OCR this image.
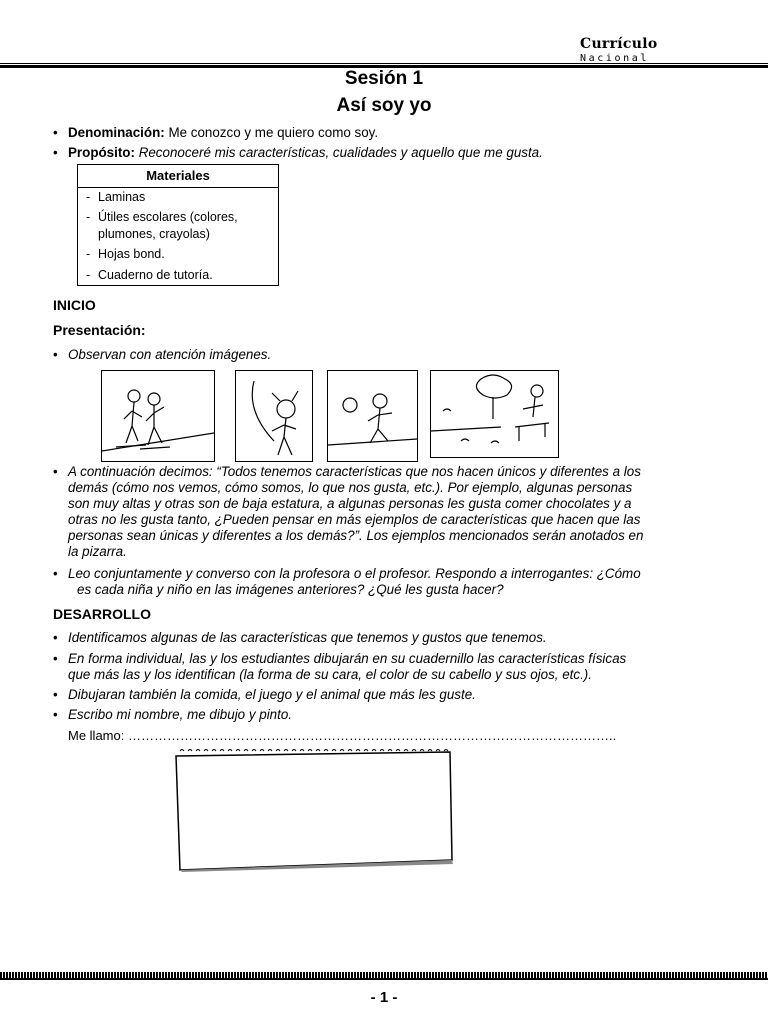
Currículo
Nacional
Sesión 1
Así soy yo
• Denominación: Me conozco y me quiero como soy.
• Propósito: Reconoceré mis características, cualidades y aquello que me gusta.
Materiales
- Laminas
- Útiles escolares (colores,
plumones, crayolas)
- Hojas bond.
- Cuaderno de tutoría.
INICIO
Presentación:
• Observan con atención imágenes.
• A continuación decimos: “Todos tenemos características que nos hacen únicos y diferentes a los
demás (cómo nos vemos, cómo somos, lo que nos gusta, etc.). Por ejemplo, algunas personas
son muy altas y otras son de baja estatura, a algunas personas les gusta comer chocolates y a
otras no les gusta tanto, ¿Pueden pensar en más ejemplos de características que hacen que las
personas sean únicas y diferentes a los demás?”. Los ejemplos mencionados serán anotados en
la pizarra.
• Leo conjuntamente y converso con la profesora o el profesor. Respondo a interrogantes: ¿Cómo
es cada niña y niño en las imágenes anteriores? ¿Qué les gusta hacer?
DESARROLLO
• Identificamos algunas de las características que tenemos y gustos que tenemos.
• En forma individual, las y los estudiantes dibujarán en su cuadernillo las características físicas
que más las y los identifican (la forma de su cara, el color de su cabello y sus ojos, etc.).
• Dibujaran también la comida, el juego y el animal que más les guste.
• Escribo mi nombre, me dibujo y pinto.
Me llamo: …………………………………………………………………………………………………..
- 1 -
